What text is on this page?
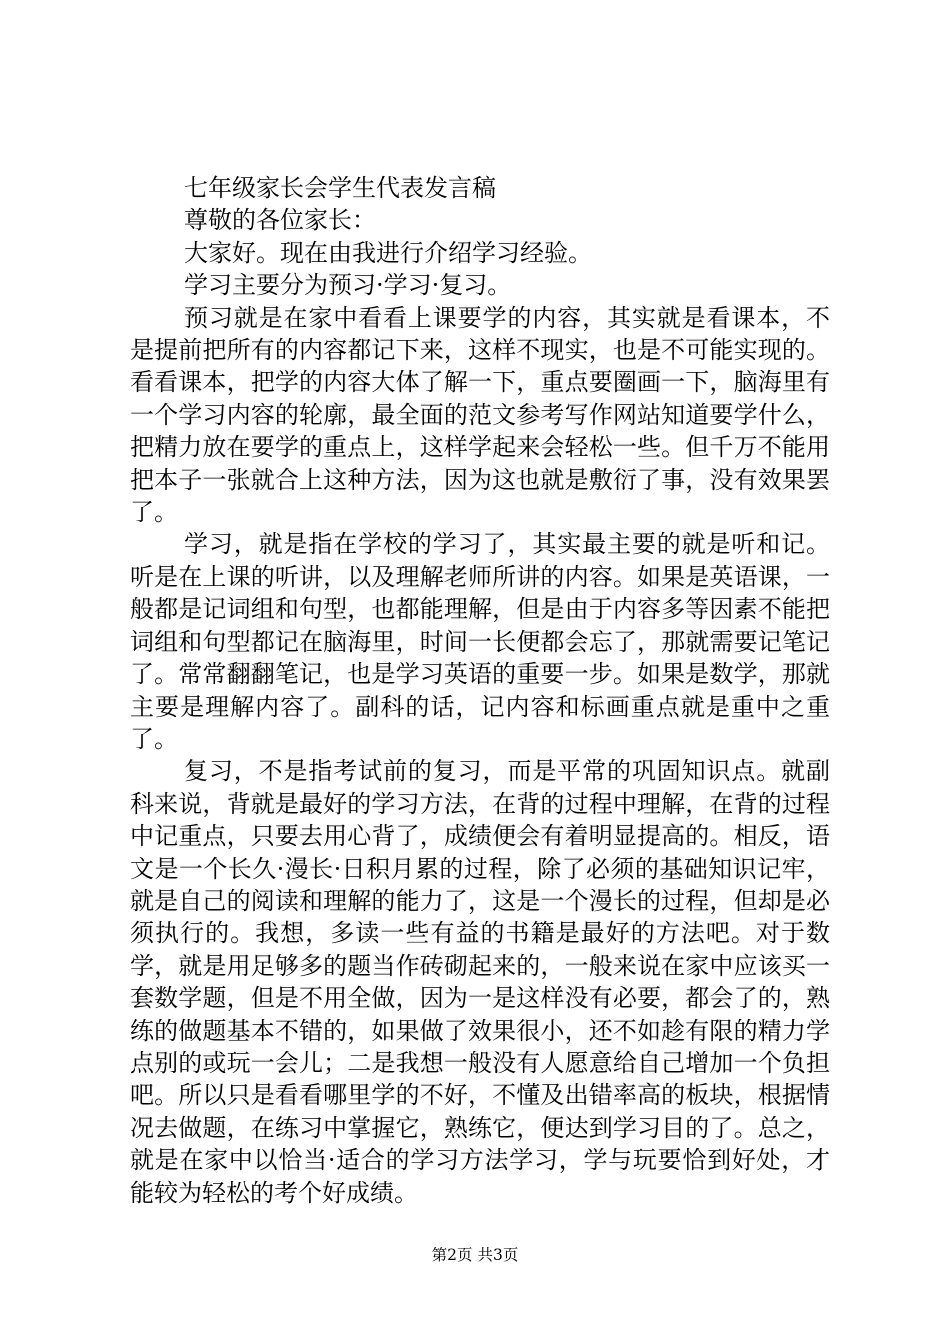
七年级家长会学生代表发言稿

尊敬的各位家长：

大家好。现在由我进行介绍学习经验。

学习主要分为预习·学习·复习。

预习就是在家中看看上课要学的内容，其实就是看课本，不是提前把所有的内容都记下来，这样不现实，也是不可能实现的。看看课本，把学的内容大体了解一下，重点要圈画一下，脑海里有一个学习内容的轮廓，最全面的范文参考写作网站知道要学什么，把精力放在要学的重点上，这样学起来会轻松一些。但千万不能用把本子一张就合上这种方法，因为这也就是敷衍了事，没有效果罢了。

学习，就是指在学校的学习了，其实最主要的就是听和记。听是在上课的听讲，以及理解老师所讲的内容。如果是英语课，一般都是记词组和句型，也都能理解，但是由于内容多等因素不能把词组和句型都记在脑海里，时间一长便都会忘了，那就需要记笔记了。常常翻翻笔记，也是学习英语的重要一步。如果是数学，那就主要是理解内容了。副科的话，记内容和标画重点就是重中之重了。

复习，不是指考试前的复习，而是平常的巩固知识点。就副科来说，背就是最好的学习方法，在背的过程中理解，在背的过程中记重点，只要去用心背了，成绩便会有着明显提高的。相反，语文是一个长久·漫长·日积月累的过程，除了必须的基础知识记牢，就是自己的阅读和理解的能力了，这是一个漫长的过程，但却是必须执行的。我想，多读一些有益的书籍是最好的方法吧。对于数学，就是用足够多的题当作砖砌起来的，一般来说在家中应该买一套数学题，但是不用全做，因为一是这样没有必要，都会了的，熟练的做题基本不错的，如果做了效果很小，还不如趁有限的精力学点别的或玩一会儿；二是我想一般没有人愿意给自己增加一个负担吧。所以只是看看哪里学的不好，不懂及出错率高的板块，根据情况去做题，在练习中掌握它，熟练它，便达到学习目的了。总之，就是在家中以恰当·适合的学习方法学习，学与玩要恰到好处，才能较为轻松的考个好成绩。

第2页 共3页
